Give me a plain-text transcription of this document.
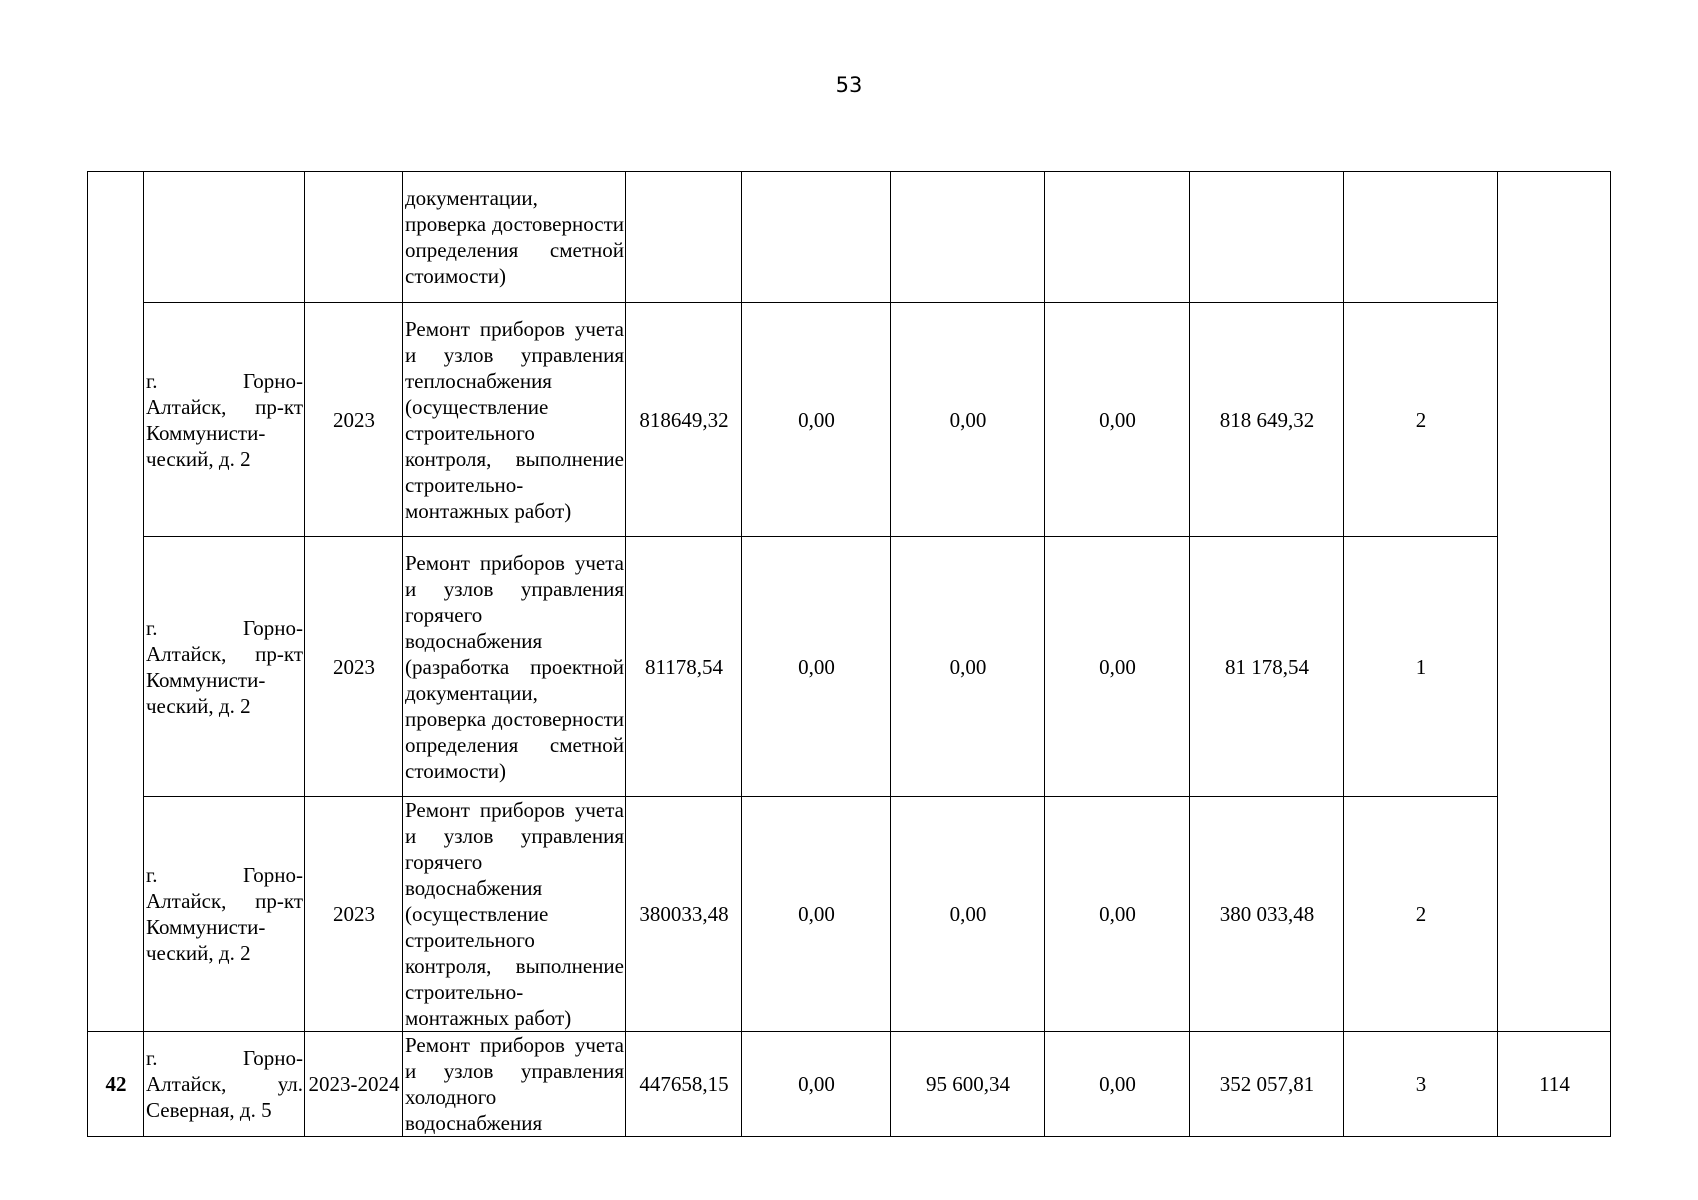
53
			документации, проверка достоверности определения сметной стоимости)							
	г. Горно-Алтайск, пр-кт Коммунисти-ческий, д. 2	2023	Ремонт приборов учета и узлов управления теплоснабжения (осуществление строительного контроля, выполнение строительно-монтажных работ)	818649,32	0,00	0,00	0,00	818 649,32	2	
	г. Горно-Алтайск, пр-кт Коммунисти-ческий, д. 2	2023	Ремонт приборов учета и узлов управления горячего водоснабжения (разработка проектной документации, проверка достоверности определения сметной стоимости)	81178,54	0,00	0,00	0,00	81 178,54	1	
	г. Горно-Алтайск, пр-кт Коммунисти-ческий, д. 2	2023	Ремонт приборов учета и узлов управления горячего водоснабжения (осуществление строительного контроля, выполнение строительно-монтажных работ)	380033,48	0,00	0,00	0,00	380 033,48	2	
42	г. Горно-Алтайск, ул. Северная, д. 5	2023-2024	Ремонт приборов учета и узлов управления холодного водоснабжения	447658,15	0,00	95 600,34	0,00	352 057,81	3	114
